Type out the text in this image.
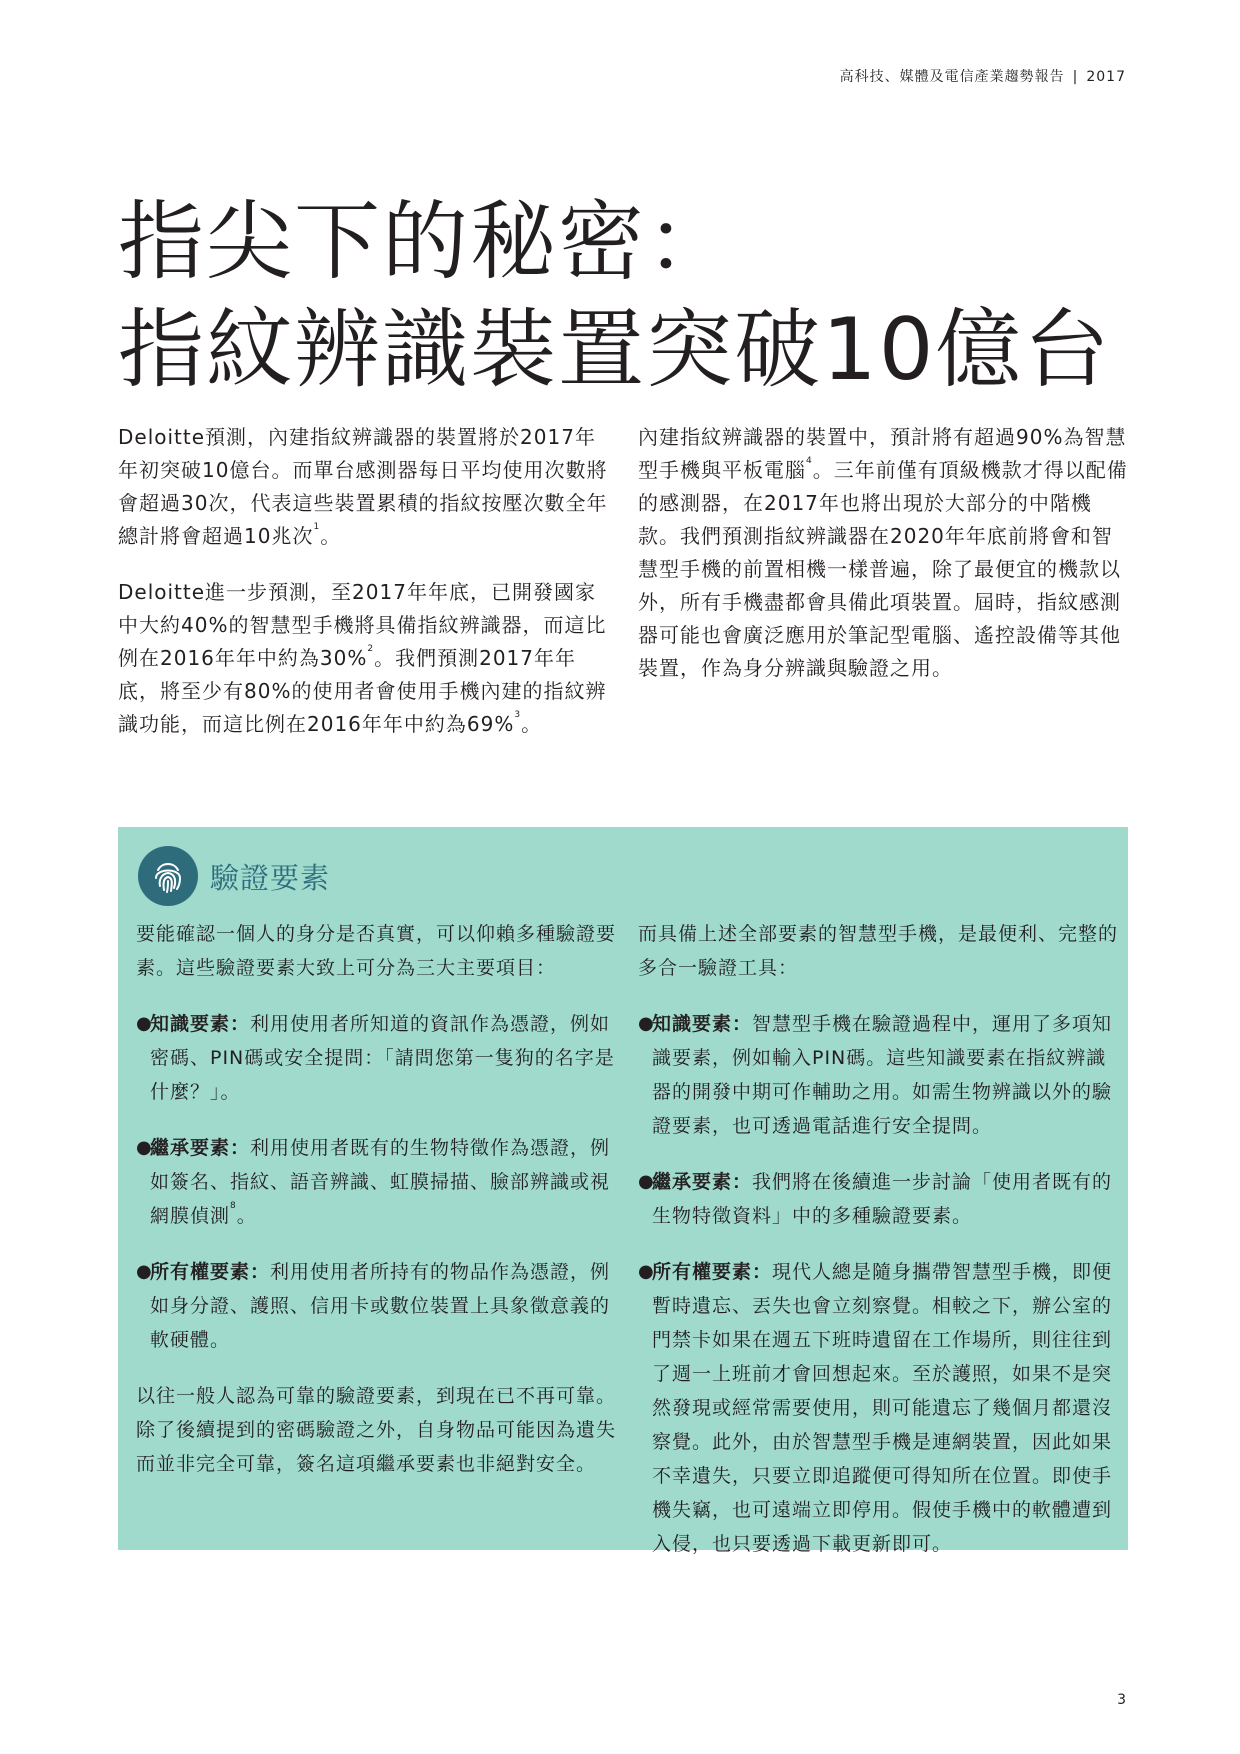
高科技、媒體及電信產業趨勢報告 | 2017
指尖下的秘密：
指紋辨識裝置突破10億台

Deloitte預測，內建指紋辨識器的裝置將於2017年年初突破10億台。而單台感測器每日平均使用次數將會超過30次，代表這些裝置累積的指紋按壓次數全年總計將會超過10兆次$^1$。

Deloitte進一步預測，至2017年年底，已開發國家中大約40%的智慧型手機將具備指紋辨識器，而這比例在2016年年中約為30%$^2$。我們預測2017年年底，將至少有80%的使用者會使用手機內建的指紋辨識功能，而這比例在2016年年中約為69%$^3$。

內建指紋辨識器的裝置中，預計將有超過90%為智慧型手機與平板電腦$^4$。三年前僅有頂級機款才得以配備的感測器，在2017年也將出現於大部分的中階機款。我們預測指紋辨識器在2020年年底前將會和智慧型手機的前置相機一樣普遍，除了最便宜的機款以外，所有手機盡都會具備此項裝置。屆時，指紋感測器可能也會廣泛應用於筆記型電腦、遙控設備等其他裝置，作為身分辨識與驗證之用。

驗證要素

要能確認一個人的身分是否真實，可以仰賴多種驗證要素。這些驗證要素大致上可分為三大主要項目：

●
知識要素：利用使用者所知道的資訊作為憑證，例如密碼、PIN碼或安全提問：「請問您第一隻狗的名字是什麼？」。
●
繼承要素：利用使用者既有的生物特徵作為憑證，例如簽名、指紋、語音辨識、虹膜掃描、臉部辨識或視網膜偵測$^8$。
●
所有權要素：利用使用者所持有的物品作為憑證，例如身分證、護照、信用卡或數位裝置上具象徵意義的軟硬體。

以往一般人認為可靠的驗證要素，到現在已不再可靠。除了後續提到的密碼驗證之外，自身物品可能因為遺失而並非完全可靠，簽名這項繼承要素也非絕對安全。

而具備上述全部要素的智慧型手機，是最便利、完整的多合一驗證工具：

●
知識要素：智慧型手機在驗證過程中，運用了多項知識要素，例如輸入PIN碼。這些知識要素在指紋辨識器的開發中期可作輔助之用。如需生物辨識以外的驗證要素，也可透過電話進行安全提問。
●
繼承要素：我們將在後續進一步討論「使用者既有的生物特徵資料」中的多種驗證要素。
●
所有權要素：現代人總是隨身攜帶智慧型手機，即便暫時遺忘、丟失也會立刻察覺。相較之下，辦公室的門禁卡如果在週五下班時遺留在工作場所，則往往到了週一上班前才會回想起來。至於護照，如果不是突然發現或經常需要使用，則可能遺忘了幾個月都還沒察覺。此外，由於智慧型手機是連網裝置，因此如果不幸遺失，只要立即追蹤便可得知所在位置。即使手機失竊，也可遠端立即停用。假使手機中的軟體遭到入侵，也只要透過下載更新即可。
3
